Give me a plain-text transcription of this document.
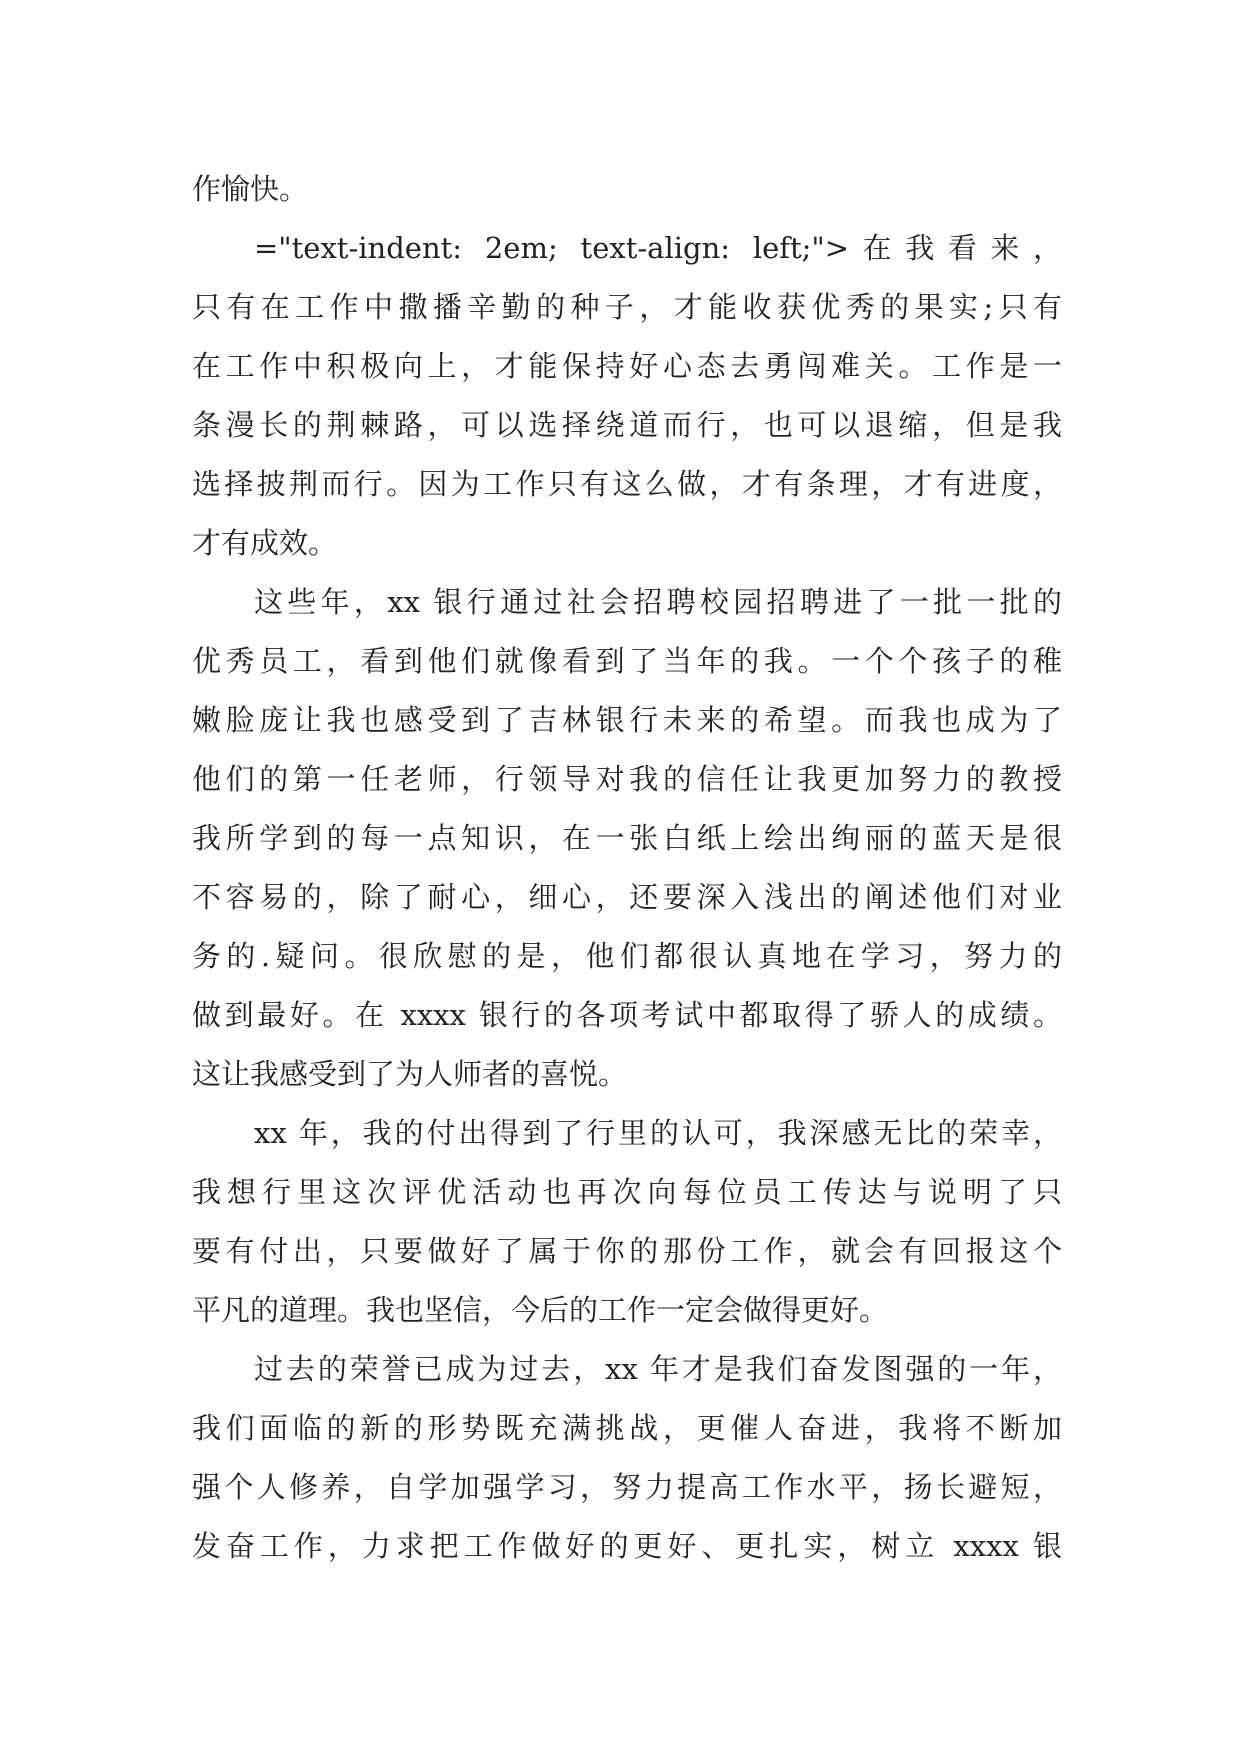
作愉快。
="text-indent: 2em; text-align: left;">在我看来，
只有在工作中撒播辛勤的种子，才能收获优秀的果实;只有
在工作中积极向上，才能保持好心态去勇闯难关。工作是一
条漫长的荆棘路，可以选择绕道而行，也可以退缩，但是我
选择披荆而行。因为工作只有这么做，才有条理，才有进度，
才有成效。
这些年，xx 银行通过社会招聘校园招聘进了一批一批的
优秀员工，看到他们就像看到了当年的我。一个个孩子的稚
嫩脸庞让我也感受到了吉林银行未来的希望。而我也成为了
他们的第一任老师，行领导对我的信任让我更加努力的教授
我所学到的每一点知识，在一张白纸上绘出绚丽的蓝天是很
不容易的，除了耐心，细心，还要深入浅出的阐述他们对业
务的.疑问。很欣慰的是，他们都很认真地在学习，努力的
做到最好。在 xxxx 银行的各项考试中都取得了骄人的成绩。
这让我感受到了为人师者的喜悦。
xx 年，我的付出得到了行里的认可，我深感无比的荣幸，
我想行里这次评优活动也再次向每位员工传达与说明了只
要有付出，只要做好了属于你的那份工作，就会有回报这个
平凡的道理。我也坚信，今后的工作一定会做得更好。
过去的荣誉已成为过去，xx 年才是我们奋发图强的一年，
我们面临的新的形势既充满挑战，更催人奋进，我将不断加
强个人修养，自学加强学习，努力提高工作水平，扬长避短，
发奋工作，力求把工作做好的更好、更扎实，树立 xxxx 银
